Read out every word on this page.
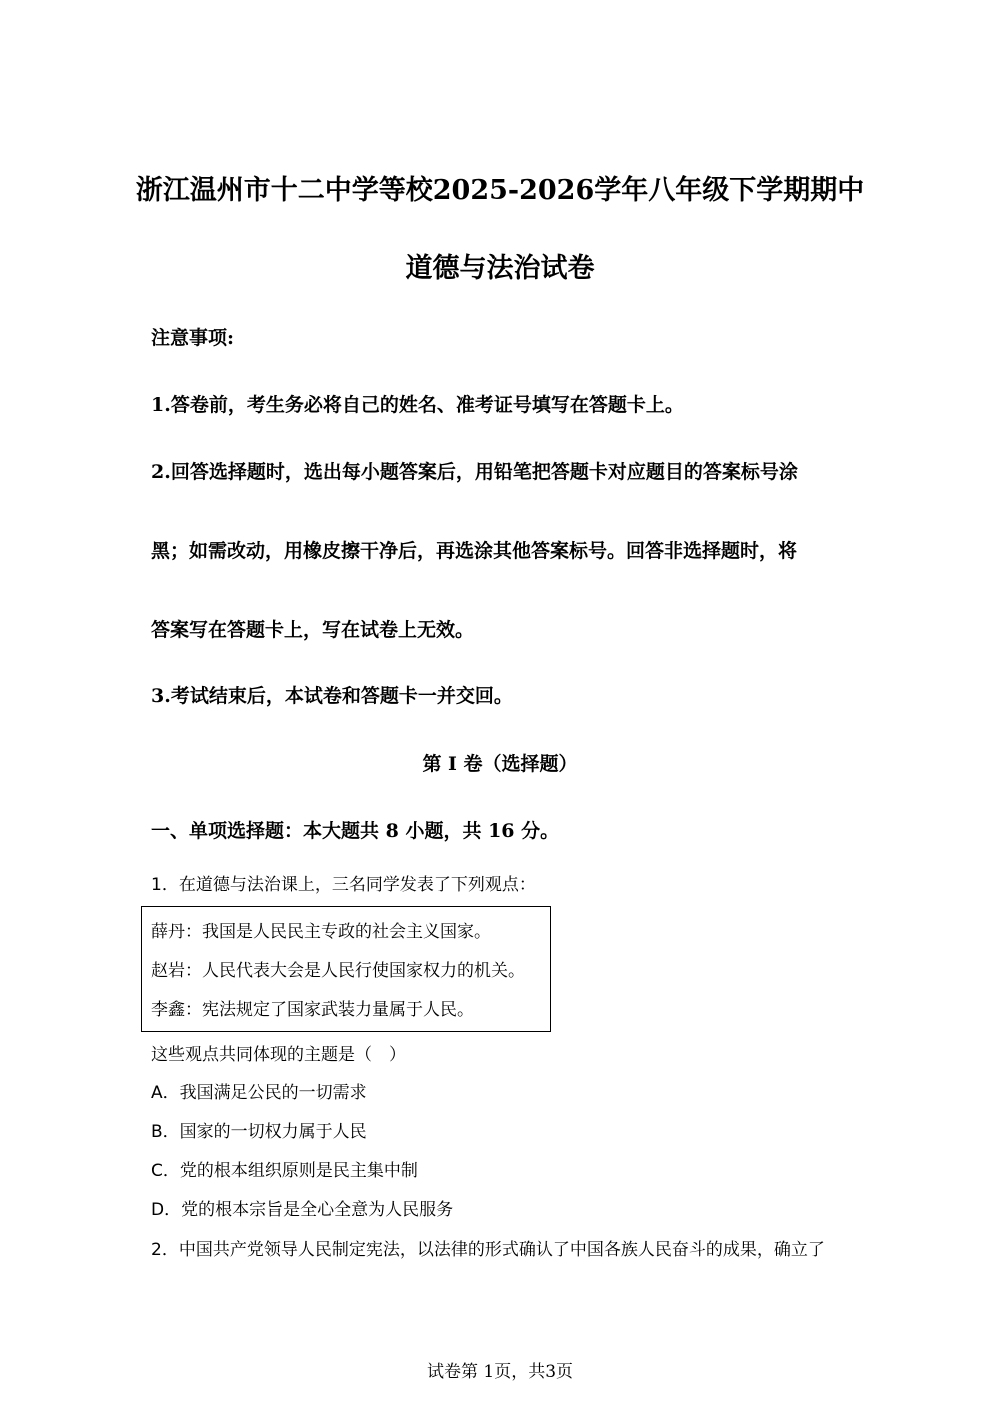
浙江温州市十二中学等校2025-2026学年八年级下学期期中
道德与法治试卷
注意事项:
1.答卷前，考生务必将自己的姓名、准考证号填写在答题卡上。
2.回答选择题时，选出每小题答案后，用铅笔把答题卡对应题目的答案标号涂
黑；如需改动，用橡皮擦干净后，再选涂其他答案标号。回答非选择题时，将
答案写在答题卡上，写在试卷上无效。
3.考试结束后，本试卷和答题卡一并交回。
第 I 卷（选择题）
一、单项选择题：本大题共 8 小题，共 16 分。
1．在道德与法治课上，三名同学发表了下列观点：
薛丹：我国是人民民主专政的社会主义国家。
赵岩：人民代表大会是人民行使国家权力的机关。
李鑫：宪法规定了国家武装力量属于人民。
这些观点共同体现的主题是（　）
A．我国满足公民的一切需求
B．国家的一切权力属于人民
C．党的根本组织原则是民主集中制
D．党的根本宗旨是全心全意为人民服务
2．中国共产党领导人民制定宪法，以法律的形式确认了中国各族人民奋斗的成果，确立了
试卷第 1页，共3页
